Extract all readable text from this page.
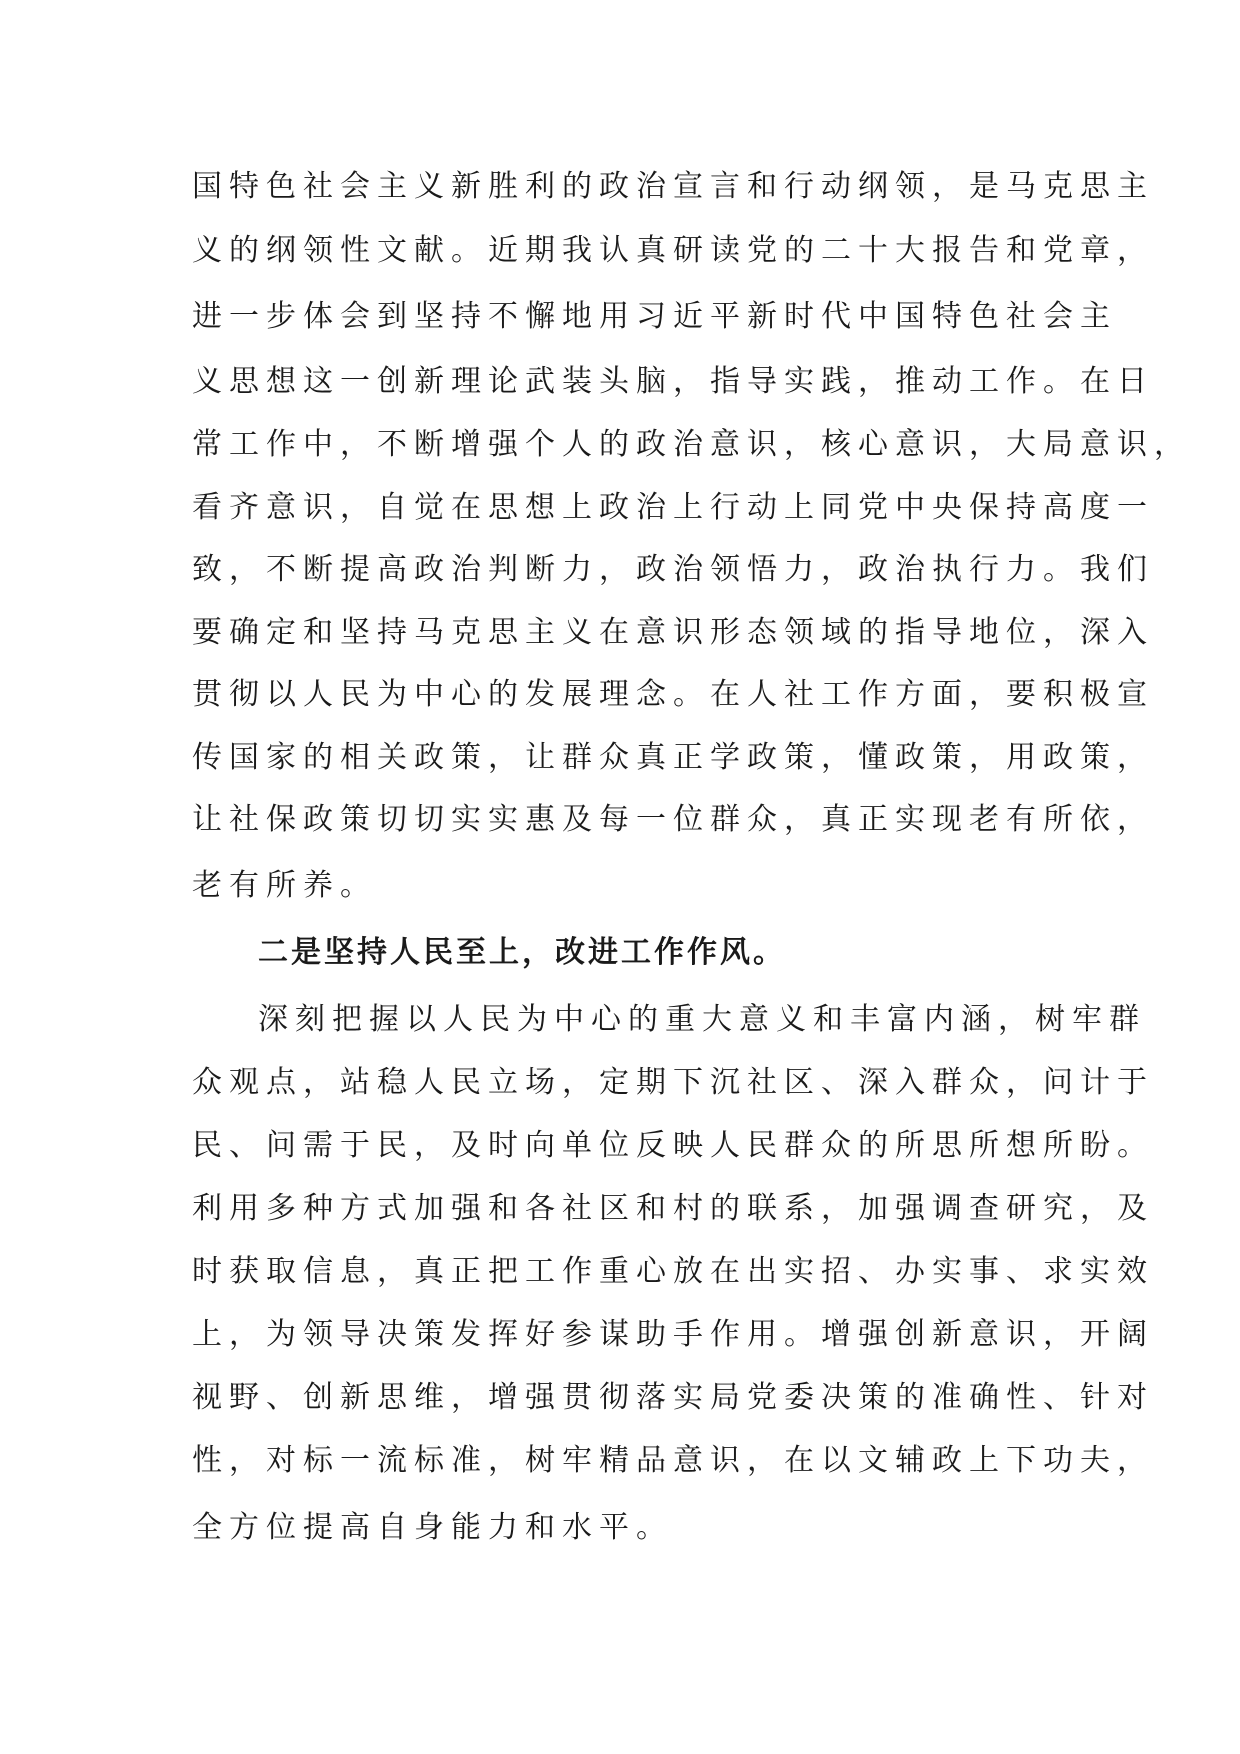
国特色社会主义新胜利的政治宣言和行动纲领，是马克思主

义的纲领性文献。近期我认真研读党的二十大报告和党章，

进一步体会到坚持不懈地用习近平新时代中国特色社会主

义思想这一创新理论武装头脑，指导实践，推动工作。在日

常工作中，不断增强个人的政治意识，核心意识，大局意识，

看齐意识，自觉在思想上政治上行动上同党中央保持高度一

致，不断提高政治判断力，政治领悟力，政治执行力。我们

要确定和坚持马克思主义在意识形态领域的指导地位，深入

贯彻以人民为中心的发展理念。在人社工作方面，要积极宣

传国家的相关政策，让群众真正学政策，懂政策，用政策，

让社保政策切切实实惠及每一位群众，真正实现老有所依，

老有所养。

二是坚持人民至上，改进工作作风。

深刻把握以人民为中心的重大意义和丰富内涵，树牢群

众观点，站稳人民立场，定期下沉社区、深入群众，问计于

民、问需于民，及时向单位反映人民群众的所思所想所盼。

利用多种方式加强和各社区和村的联系，加强调查研究，及

时获取信息，真正把工作重心放在出实招、办实事、求实效

上，为领导决策发挥好参谋助手作用。增强创新意识，开阔

视野、创新思维，增强贯彻落实局党委决策的准确性、针对

性，对标一流标准，树牢精品意识，在以文辅政上下功夫，

全方位提高自身能力和水平。
